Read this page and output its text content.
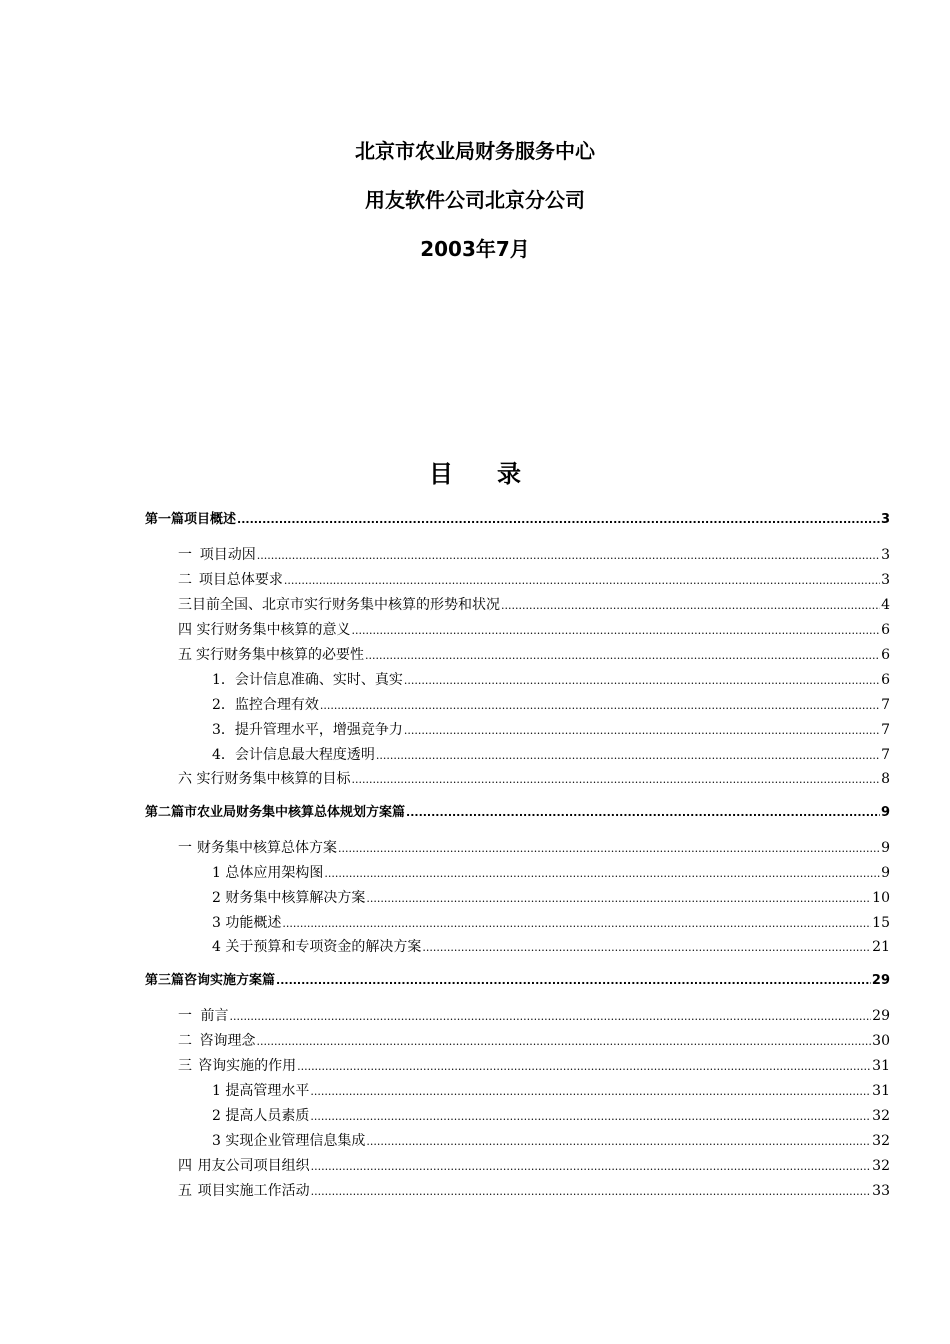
北京市农业局财务服务中心
用友软件公司北京分公司
2003年7月
目 录
第一篇 项目概述 .....	3
一 项目动因 .....	3
二 项目总体要求 .....	3
三 目前全国、北京市实行财务集中核算的形势和状况 .....	4
四 实行财务集中核算的意义 .....	6
五 实行财务集中核算的必要性 .....	6
1．会计信息准确、实时、真实 .....	6
2．监控合理有效 .....	7
3．提升管理水平，增强竞争力 .....	7
4．会计信息最大程度透明 .....	7
六 实行财务集中核算的目标 .....	8
第二篇 市农业局财务集中核算总体规划方案篇 .....	9
一 财务集中核算总体方案 .....	9
1 总体应用架构图 .....	9
2 财务集中核算解决方案 .....	10
3 功能概述 .....	15
4 关于预算和专项资金的解决方案 .....	21
第三篇 咨询实施方案篇 .....	29
一 前言 .....	29
二 咨询理念 .....	30
三 咨询实施的作用 .....	31
1 提高管理水平 .....	31
2 提高人员素质 .....	32
3 实现企业管理信息集成 .....	32
四 用友公司项目组织 .....	32
五 项目实施工作活动 .....	33
